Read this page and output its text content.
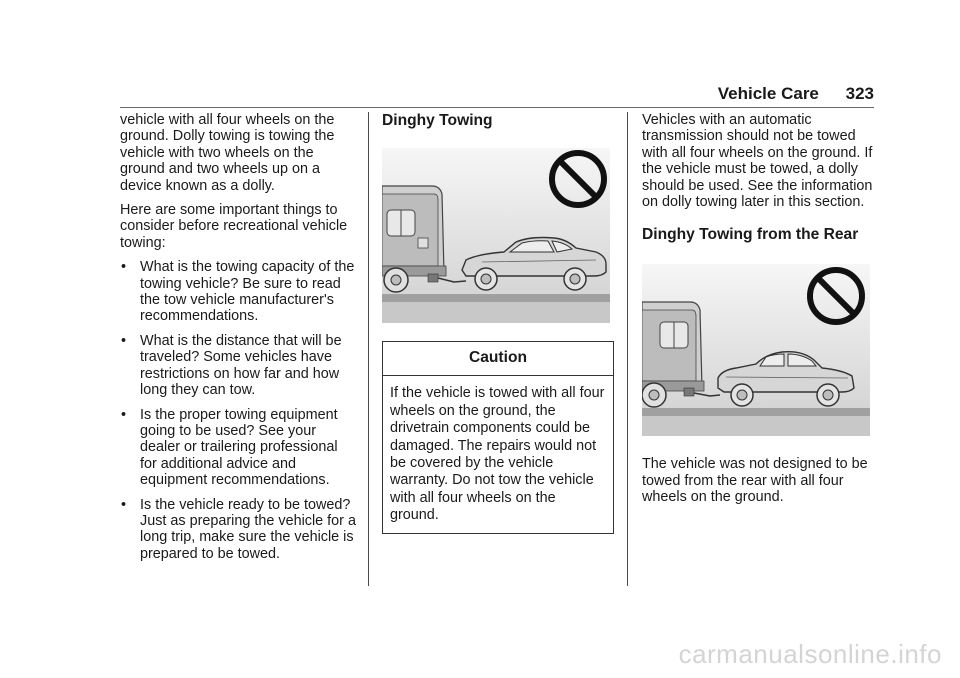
Vehicle Care 323

vehicle with all four wheels on the ground. Dolly towing is towing the vehicle with two wheels on the ground and two wheels up on a device known as a dolly.

Here are some important things to consider before recreational vehicle towing:

• What is the towing capacity of the towing vehicle? Be sure to read the tow vehicle manufacturer's recommendations.
• What is the distance that will be traveled? Some vehicles have restrictions on how far and how long they can tow.
• Is the proper towing equipment going to be used? See your dealer or trailering professional for additional advice and equipment recommendations.
• Is the vehicle ready to be towed? Just as preparing the vehicle for a long trip, make sure the vehicle is prepared to be towed.
Dinghy Towing
Caution
If the vehicle is towed with all four wheels on the ground, the drivetrain components could be damaged. The repairs would not be covered by the vehicle warranty. Do not tow the vehicle with all four wheels on the ground.

Vehicles with an automatic transmission should not be towed with all four wheels on the ground. If the vehicle must be towed, a dolly should be used. See the information on dolly towing later in this section.

Dinghy Towing from the Rear

The vehicle was not designed to be towed from the rear with all four wheels on the ground.

carmanualsonline.info
